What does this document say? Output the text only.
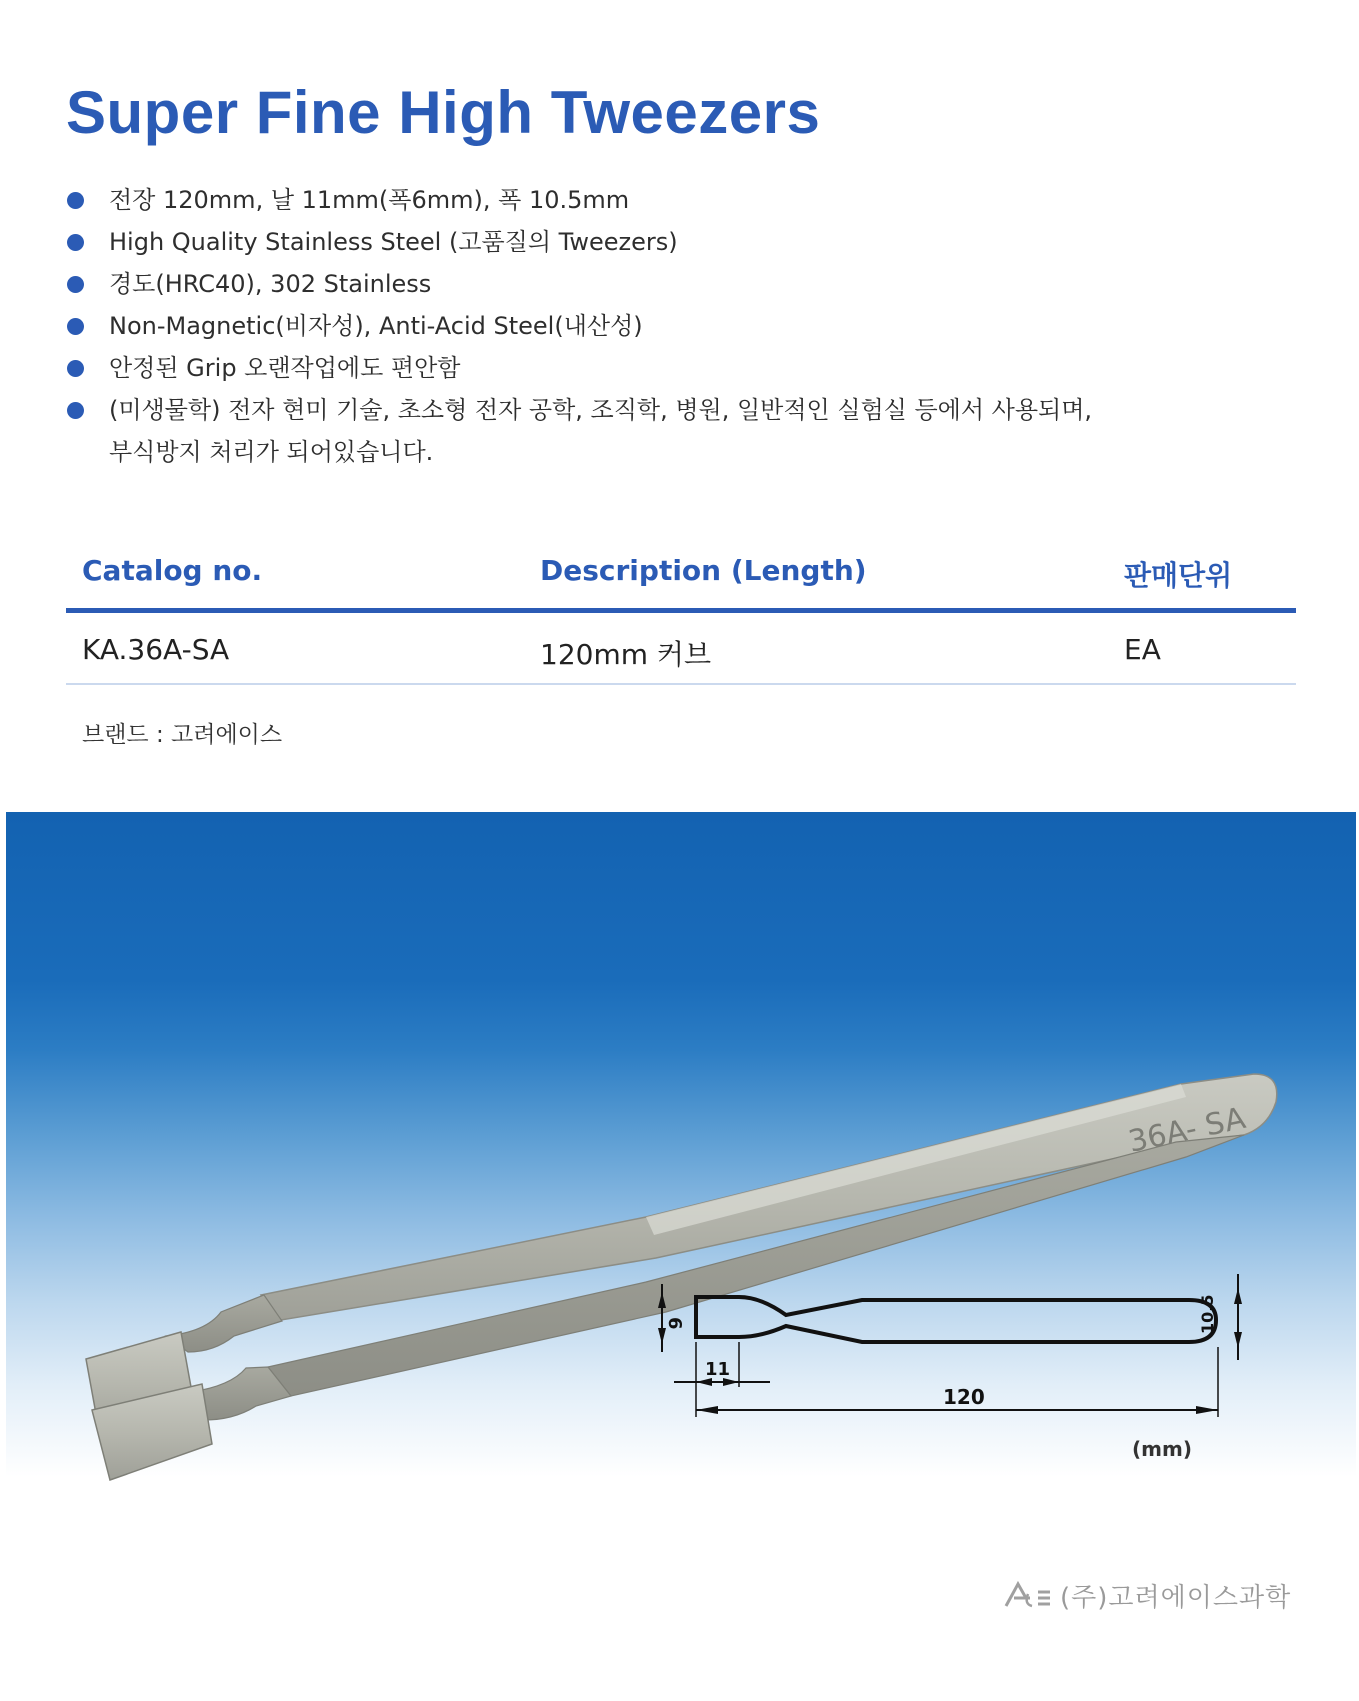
Super Fine High Tweezers
전장 120mm, 날 11mm(폭6mm), 폭 10.5mm
High Quality Stainless Steel (고품질의 Tweezers)
경도(HRC40), 302 Stainless
Non-Magnetic(비자성), Anti-Acid Steel(내산성)
안정된 Grip 오랜작업에도 편안함
(미생물학) 전자 현미 기술, 초소형 전자 공학, 조직학, 병원, 일반적인 실험실 등에서 사용되며,
부식방지 처리가 되어있습니다.
Catalog no.	Description (Length)	판매단위
KA.36A-SA	120mm 커브	EA
브랜드 : 고려에이스
36A- SA
6
11
120
10.5
(mm)
(주)고려에이스과학
